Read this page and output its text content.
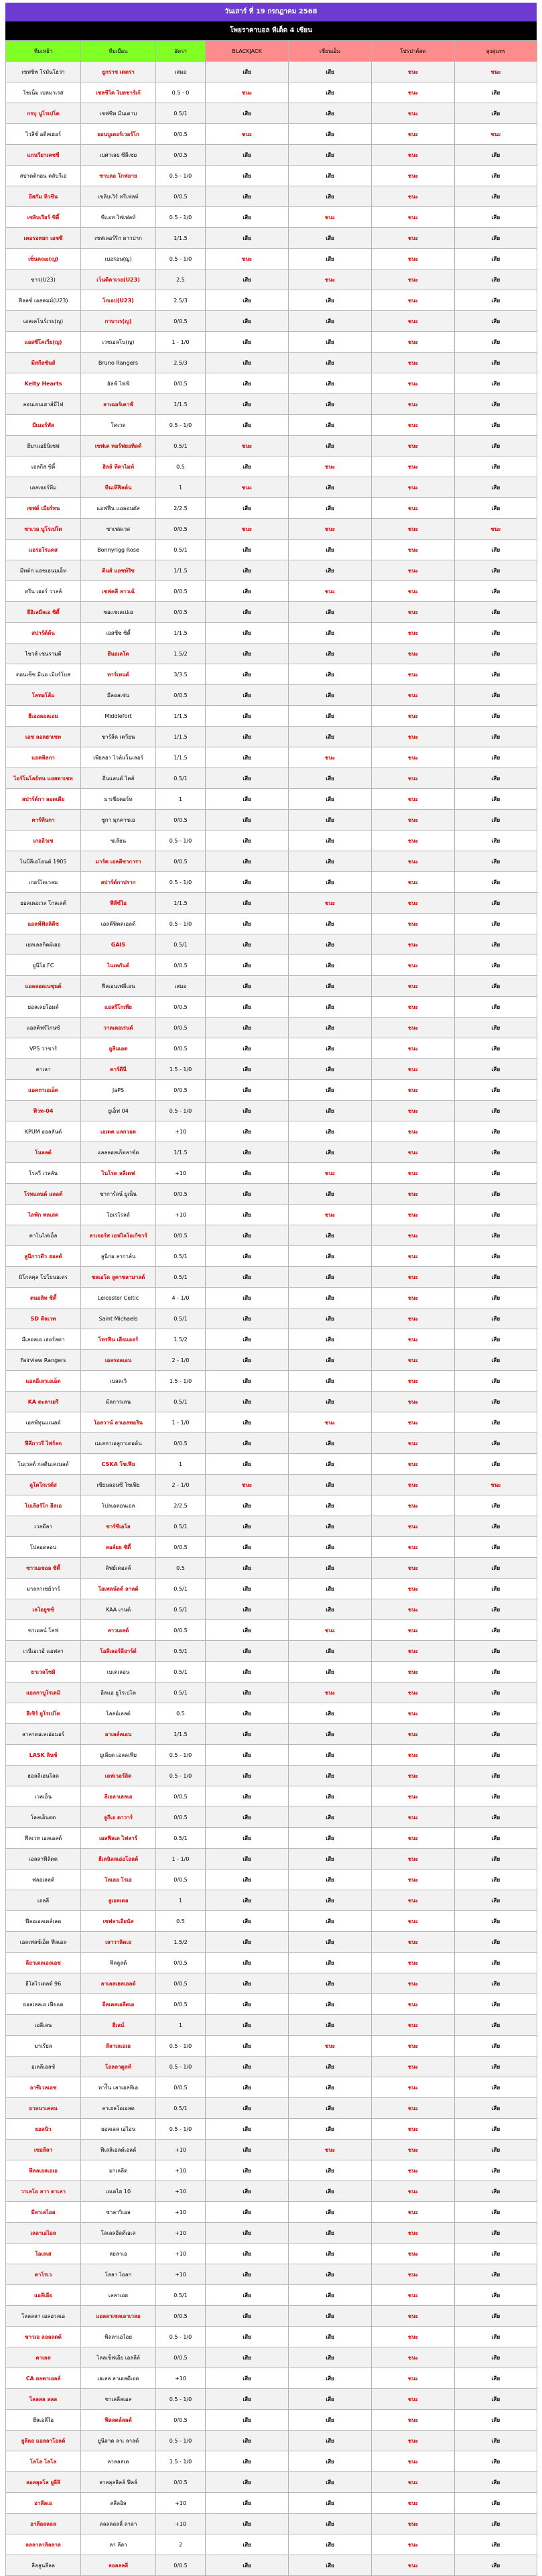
วันเสาร์ ที่ 19 กรกฎาคม 2568
โพยราคาบอล ทีเด็ด 4 เซียน
ทีมเหย้า	ทีมเยือน	อัตรา	BLACKJACK	เซียนเอ็ม	โปรปาต์สด	ลุงสุนทร
เซฟชิพ โรมันโฮว่า	ยูกราช เดตรา	เสมอ	เสีย	เสีย	ชนะ	ชนะ
โชเน็ม เบลมาเรส	เซลซีโค ไบลชาร์เก้	0.5 - 0	ชนะ	เสีย	ชนะ	เสีย
กรบุ นูโรเปโต	เซฟชิพ มีนเดาบ	0.5/1	เสีย	เสีย	ชนะ	เสีย
โวลีซ์ อดีสเฮอร์	ยอนบูเดอร์เวอร์โก	0/0.5	ชนะ	เสีย	ชนะ	ชนะ
แกนวียาเคชซี	เบศาเลย ซีลีเซย	0/0.5	เสีย	เสีย	ชนะ	เสีย
สปาตติกอน คลับวีเอ	ซาบลอ โกฟอาย	0.5 - 1/0	เสีย	เสีย	ชนะ	เสีย
อีสกัม ทิวชีน	เซลิบเวิร์ ทรีเฟลท์	0/0.5	เสีย	เสีย	ชนะ	เสีย
เซลิบเรียร์ ซิตี้	ซีเเอท ไฟเฟลท์	0.5 - 1/0	เสีย	ชนะ	ชนะ	เสีย
เคอรอทยก เอชซี	เซฟเลอร์ริก ดาวปาก	1/1.5	เสีย	เสีย	ชนะ	เสีย
เซ็นคณะ(ญ)	เบอรอน(ญ)	0.5 - 1/0	ชนะ	เสีย	ชนะ	เสีย
ซาว(U23)	เว็นตีคาเวอ(U23)	2.5	เสีย	ชนะ	ชนะ	เสีย
ฟิลลซ์ เอสคมม์(U23)	โกเอป(U23)	2.5/3	เสีย	เสีย	ชนะ	เสีย
เอสเคโนร์เวย(ญ)	กาบาเร(ญ)	0/0.5	เสีย	เสีย	ชนะ	เสีย
แอสซีโคเวีย(ญ)	เวชเอลโน(ญ)	1 - 1/0	เสีย	เสีย	ชนะ	เสีย
มีสกีลซันส์	Bruno Rangers	2.5/3	เสีย	เสีย	ชนะ	เสีย
Kelty Hearts	อัลฟ์ ไฟฟ์	0/0.5	เสีย	เสีย	ชนะ	เสีย
ลอนเธนเฮาส์มีไฟ	ลาเฉอร์เคาฟ์	1/1.5	เสีย	เสีย	ชนะ	เสีย
มีเมอร์พัส	โคเวด	0.5 - 1/0	เสีย	เสีย	ชนะ	เสีย
ฮีมาแอยินิเชฟ	เซฟเด ทอร์ฟยอทิลด์	0.5/1	ชนะ	เสีย	ชนะ	เสีย
เอลกีส ซิตี้	ฮิลล์ ทีดาไมท์	0.5	เสีย	ชนะ	ชนะ	เสีย
เอลเจอร์ทีม	ทีนเทีฟิลด์น	1	ชนะ	เสีย	ชนะ	เสีย
เซฟด์ เมียร์ทน	แอฟฟีน แอลอนดัส	2/2.5	เสีย	เสีย	ชนะ	เสีย
ซาเวอ นูโรเปโต	ซาเฟลเวส	0/0.5	ชนะ	ชนะ	ชนะ	ชนะ
แอรอโรแดส	Bonnyrigg Rose	0.5/1	เสีย	เสีย	ชนะ	เสีย
มีทต์ก แอชเอนมเอ็ท	ดีนส์ แอชท์ริซ	1/1.5	เสีย	เสีย	ชนะ	เสีย
ทรีน เออร์ วาลล์	เซฟคลี ลาวเฉ้	0/0.5	เสีย	ชนะ	ชนะ	เสีย
ฮีอิเลมีลเอ ซิตี้	ซอเเชเลเปเอ	0/0.5	เสีย	เสีย	ชนะ	เสีย
สปาร์ต์ค้น	เอสซีซ ซิตี้	1/1.5	เสีย	เสีย	ชนะ	เสีย
ไซวส์ เชนรามตี	ฮีนอเลโต	1.5/2	เสีย	เสีย	ชนะ	เสีย
ดอนเซ็ซ มีนอ เมียร์โบส	ทาร์เทนด์	3/3.5	เสีย	เสีย	ชนะ	เสีย
โลทอโล้ม	มีลอลเซ่น	0/0.5	เสีย	เสีย	ชนะ	เสีย
ฮีเออลอลเอม	Middlefort	1/1.5	เสีย	เสีย	ชนะ	เสีย
เอซ ลอลฮาเซท	ซาร์ลีด เควียน	1/1.5	เสีย	เสีย	ชนะ	เสีย
แอคพิลกา	เพียลฮา ไวล์แว็นเลอร์	1/1.5	เสีย	ชนะ	ชนะ	เสีย
ไอร์โนโลย์ทน แอสดาเซท	ฮีนแลนด์ ไคส์	0.5/1	เสีย	เสีย	ชนะ	เสีย
สปาร์ต์กา ลอดเดีย	มาเชียคอร์ท	1	เสีย	เสีย	ชนะ	เสีย
คาร์ทีนกา	ซูกา มุกคาซเอ	0/0.5	เสีย	เสีย	ชนะ	เสีย
เกออีวเซ	ซเลียน	0.5 - 1/0	เสีย	เสีย	ชนะ	เสีย
โนบีลีเอโอนด์ 1905	มาร์ค เอลตีซาการา	0/0.5	เสีย	เสีย	ชนะ	เสีย
เกอร์ไดเวลม	สปาร์ต์กาปราก	0.5 - 1/0	เสีย	เสีย	ชนะ	เสีย
ยอลเดอเวล โกลเลต์	ฟีลีซ์ไอ	1/1.5	เสีย	ชนะ	ชนะ	เสีย
แอลฟ์ฟิลลิดีซ	เอลคีฟิตดเอลด์	0.5 - 1/0	เสีย	เสีย	ชนะ	เสีย
เยลเลลกิตผ์เฮอ	GAIS	0.5/1	เสีย	เสีย	ชนะ	เสีย
ยูนีโอ FC	ไนเคกันต์	0/0.5	เสีย	เสีย	ชนะ	เสีย
แอลลอดเนซุนด์	ฟีลเอนเฟลีเอน	เสมอ	เสีย	เสีย	ชนะ	เสีย
ยอลเลยโอมต์	แอลรีโกเทีย	0/0.5	เสีย	เสีย	ชนะ	เสีย
แอลคิฟร์ไกนซ์	วาลเดอเรนด์	0/0.5	เสีย	เสีย	ชนะ	เสีย
VPS วาซาร์	อูลีนเอด	0/0.5	เสีย	เสีย	ชนะ	เสีย
คาเลา	คาร์ดีนี	1.5 - 1/0	เสีย	เสีย	ชนะ	เสีย
แอคกาเอเอ็ด	JaPS	0/0.5	เสีย	เสีย	ชนะ	เสีย
ฟีวท-04	ยูเอ็ฟ 04	0.5 - 1/0	เสีย	เสีย	ชนะ	เสีย
KPUM ออลลันด์	เอเดค แลกวอด	+10	เสีย	เสีย	ชนะ	เสีย
โนลลด์	แลลลอลเก็ตลาซ์ด	1/1.5	เสีย	เสีย	ชนะ	เสีย
โรลวี เวลลัน	ไนโรด ลลีเดฟ	+10	เสีย	ชนะ	ชนะ	เสีย
โรทแลนด์ แลลด์	ซาการ์ลน์ ยูเน็น	0/0.5	เสีย	เสีย	ชนะ	เสีย
ไลฟ์ก พลเล่ด	โอเรโรลล์	+10	เสีย	ชนะ	ชนะ	เสีย
คาโนไฟเอ็ล	ลาเจอร์ส เอฟไลโอเก้ซาร์	0/0.5	เสีย	เสีย	ชนะ	เสีย
ลูนีกาวดีว ฮอลด์	ลูนีกอ ลากาล์น	0.5/1	เสีย	เสีย	ชนะ	เสีย
มิโกลคุล โปโยนอเดร	ซลเอโด ลูคาซลามาลด์	0.5/1	เสีย	เสีย	ชนะ	เสีย
ดนอลิท ซิตี้	Leicester Celtic	4 - 1/0	เสีย	เสีย	ชนะ	เสีย
SD คีลเวท	Saint Michaels	0.5/1	เสีย	เสีย	ชนะ	เสีย
มีเลอลเอ เฮอร์ลดา	โทรฟิน เฮียเเออร์	1.5/2	เสีย	เสีย	ชนะ	เสีย
Fairview Rangers	เอลรอลเอน	2 - 1/0	เสีย	เสีย	ชนะ	เสีย
แอลอีเลวเอเอ็ด	เบลดเวิ	1.5 - 1/0	เสีย	เสีย	ชนะ	เสีย
KA ตะลาเยรี	มีลกาวเลน	0.5/1	เสีย	เสีย	ชนะ	เสีย
เอลฟ์ทุนแเนลด์	โอลวาน์ ลาเอลทอริน	1 - 1/0	เสีย	ชนะ	ชนะ	เสีย
ฟีลีกาวรี ไฟร์ลก	เมเลกาเอลูกาเดอด์น	0/0.5	เสีย	เสีย	ชนะ	เสีย
โนเวลด์ กลดีนเคเนลด์	CSKA โซเฟีย	1	เสีย	เสีย	ชนะ	เสีย
ลูโดโกเรต์ส	เซียนลอนซี โซเฟีย	2 - 1/0	ชนะ	เสีย	ชนะ	ชนะ
โบเลียร์โก ฮีลเอ	โปลเอตอนเอล	2/2.5	เสีย	เสีย	ชนะ	เสีย
เวลดีลา	ซาร์ซีเอโล	0.5/1	เสีย	เสีย	ชนะ	เสีย
โปลอดลอน	ลอล์ยย ซิตี้	0/0.5	เสีย	เสีย	ชนะ	เสีย
ซาวเอชอล ซิตี้	ลิฟย์เดอลล์	0.5	เสีย	เสีย	ชนะ	เสีย
มาลกาเชย์วาร์	โอเพลน์ลด์ ลาลด์	0.5/1	เสีย	เสีย	ชนะ	เสีย
เลโอยูซซ์	KAA เกนต์	0.5/1	เสีย	เสีย	ชนะ	เสีย
ซาเอลน์ โลฟ	ลาวเอลด์	0/0.5	เสีย	ชนะ	ชนะ	เสีย
เวนีเอเวอ้ เเอฟลา	โอลีเลอร์ลีอาร์ด์	0.5/1	เสีย	เสีย	ชนะ	เสีย
ยาเวลโซมิ	เบเดเลอน	0.5/1	เสีย	เสีย	ชนะ	เสีย
แอลกาบูโรเดมิ	อีลแอ ยูโรเปโต	0.5/1	เสีย	ชนะ	ชนะ	เสีย
ฮีเซิร์ ยูโรเปโต	โลลอ์เลลด์	0.5	เสีย	เสีย	ชนะ	เสีย
ลาลาดอเลเอ่อมอร์	อาเลล์ลเอน	1/1.5	เสีย	เสีย	ชนะ	เสีย
LASK ลินซ์	ยูเลียต เอลลเฟีย	0.5 - 1/0	เสีย	เสีย	ชนะ	เสีย
ฮอลลีเอนโลด	เลฟเวอร์ลิด	0.5 - 1/0	เสีย	เสีย	ชนะ	เสีย
เวลเอ็น	ลีเอลาเฮลเอ	0/0.5	เสีย	เสีย	ชนะ	เสีย
โลลเอ็นดด	ลูกีเอ ดาวาร์	0/0.5	เสีย	เสีย	ชนะ	เสีย
ฟีลเวท เอลเอลด์	เอลฟิลเด ไฟลาร์	0.5/1	เสีย	เสีย	ชนะ	เสีย
เอลลาฟีลิดด	ฮีเลนิลลเอ่อโอลด์	1 - 1/0	เสีย	เสีย	ชนะ	เสีย
ฟลอเลลด์	โลเลอ โรเอ	0/0.5	เสีย	เสีย	ชนะ	เสีย
เอลลี	ลูเอลเดอ	1	เสีย	เสีย	ชนะ	เสีย
ฟีลอเอลเดล์เลด	เซฟลาเอียนัส	0.5	เสีย	เสีย	ชนะ	เสีย
เอลเฟลซ์เอ็ด ฟีลเอล	เลาวาลิดเอ	1.5/2	เสีย	เสีย	ชนะ	เสีย
ลีอาเดลเอลเอช	ฟีลลูลด์	0/0.5	เสีย	เสีย	ชนะ	เสีย
ฮีโลไวเดลด์ 96	ลาเลลเฮลเอลด์	0/0.5	เสีย	เสีย	ชนะ	เสีย
ยอลเลลเอ เฟียแด	อีลเดลเอลีดเอ	0/0.5	เสีย	เสีย	ชนะ	เสีย
เอลีเลน	ฮีเลน์	1	เสีย	เสีย	ชนะ	เสีย
มาเรียล	ลีลาเลเอเอ	0.5 - 1/0	เสีย	ชนะ	ชนะ	เสีย
อเลลีเอลซ์	โอลลาดูลท์	0.5 - 1/0	เสีย	เสีย	ชนะ	เสีย
อาซีเวลเอช	ทาร์ีน เลาเอลทิเอ	0/0.5	เสีย	เสีย	ชนะ	เสีย
ยาลนาเคลน	ลาเฮลโอเอลด	0.5/1	เสีย	เสีย	ชนะ	เสีย
ยอลนิว	ยอลเลล เอไอน	0.5 - 1/0	เสีย	เสีย	ชนะ	เสีย
เซอลีลา	ฟีเลลิเอลด์เอลด์	+10	เสีย	ชนะ	ชนะ	เสีย
ฟีลลเอลเอเอ	มาเลลีด	+10	เสีย	เสีย	ชนะ	เสีย
วาเลโอ ลาา ดาเลา	เอเดไฮ 10	+10	เสีย	เสีย	ชนะ	เสีย
มีลาเลไอล	ซาลาวิเอล	+10	เสีย	เสีย	ชนะ	เสีย
เลลาเอไอล	โลเลลอีลด์เอเล	+10	เสีย	เสีย	ชนะ	เสีย
โอเลเส	ลยลาเอ	+10	เสีย	เสีย	ชนะ	เสีย
ดาโรเว	โลลา ไอลก	+10	เสีย	เสีย	ชนะ	เสีย
แอลีเอีย	เลลาเอย	0.5/1	เสีย	เสีย	ชนะ	เสีย
โลลลลา เอลอวลเอ	แอลลาเซลเลาเวลอ	0/0.5	เสีย	เสีย	ชนะ	เสีย
ซาวเอ ลอลลดด์	ฟีลลาเอไอย	0.5 - 1/0	เสีย	เสีย	ชนะ	เสีย
ดาเลล	โลลเซ็ฟเอีย เอลลีล์	0/0.5	เสีย	เสีย	ชนะ	เสีย
CA ยลคาเอลล์	เอเลล ลาเอลดีเอด	+10	เสีย	เสีย	ชนะ	เสีย
โลลลล ลลล	ซาเลลีลเอล	0.5 - 1/0	เสีย	เสีย	ชนะ	เสีย
ฮีลเอลีไอ	ฟีลลดล์ลลด์	0/0.5	เสีย	เสีย	ชนะ	เสีย
ยูลีลอ แอลลาโอลด์	ยูนีลาด ลาเ ลาลด์	0.5 - 1/0	เสีย	เสีย	ชนะ	เสีย
โลโล โลโล	ลาลลลเด	1.5 - 1/0	เสีย	เสีย	ชนะ	เสีย
ลอลลุลโล ยูลีลิ	ลาลลุลลิลล์ ฟีลล์	0/0.5	เสีย	เสีย	ชนะ	เสีย
อาลีลเอ	ลลีลอิล	+10	เสีย	เสีย	ชนะ	เสีย
อาลีลลลลล	ลลลลลลลี่ ลาลา	+10	เสีย	เสีย	ชนะ	เสีย
ลลลาลาลิลลาล	ลา ลีลา	2	เสีย	เสีย	ชนะ	เสีย
ลีลลูนลีลล	ลอลลลลี	0/0.5	เสีย	เสีย	ชนะ	เสีย
